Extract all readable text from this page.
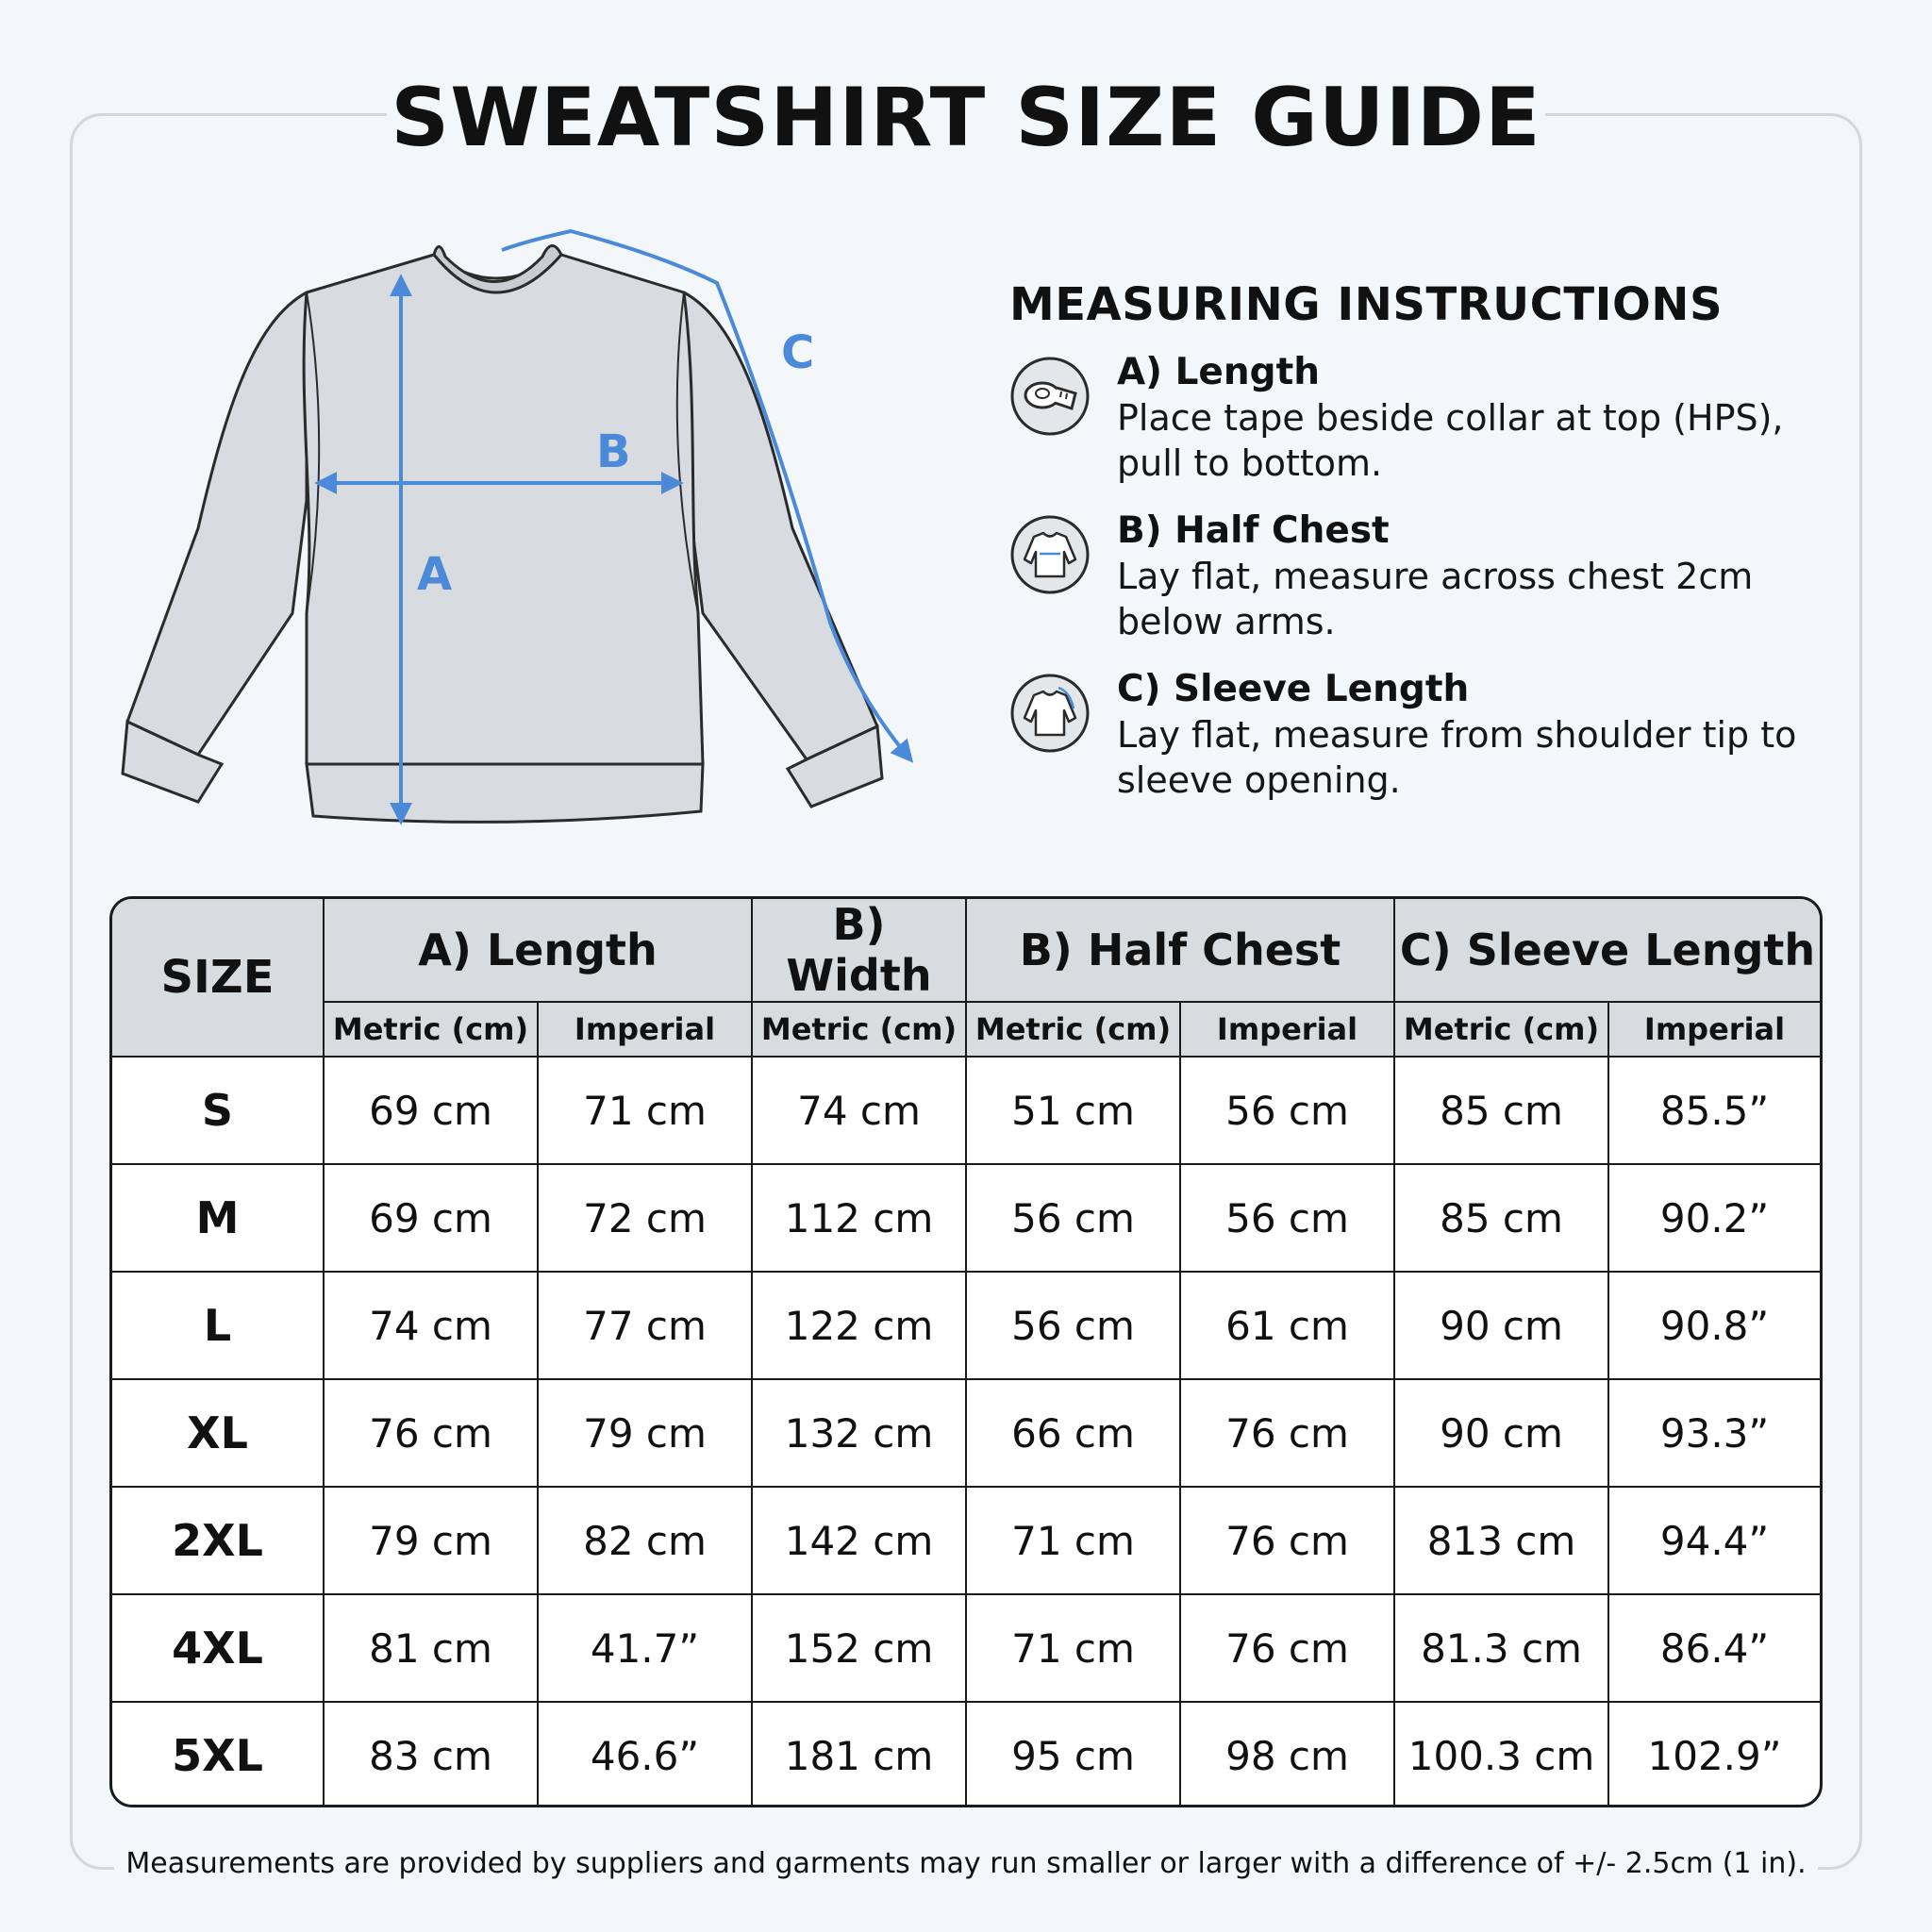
SWEATSHIRT SIZE GUIDE
A
B
C
MEASURING INSTRUCTIONS
A) Length
Place tape beside collar at top (HPS), pull to bottom.
B) Half Chest
Lay flat, measure across chest 2cm below arms.
C) Sleeve Length
Lay flat, measure from shoulder tip to sleeve opening.
SIZE	A) Length		B) Width	B) Half Chest		C) Sleeve Length	
	Metric (cm)	Imperial	Metric (cm)	Metric (cm)	Imperial	Metric (cm)	Imperial
S	69 cm	71 cm	74 cm	51 cm	56 cm	85 cm	85.5”
M	69 cm	72 cm	112 cm	56 cm	56 cm	85 cm	90.2”
L	74 cm	77 cm	122 cm	56 cm	61 cm	90 cm	90.8”
XL	76 cm	79 cm	132 cm	66 cm	76 cm	90 cm	93.3”
2XL	79 cm	82 cm	142 cm	71 cm	76 cm	813 cm	94.4”
4XL	81 cm	41.7”	152 cm	71 cm	76 cm	81.3 cm	86.4”
5XL	83 cm	46.6”	181 cm	95 cm	98 cm	100.3 cm	102.9”
Measurements are provided by suppliers and garments may run smaller or larger with a difference of +/- 2.5cm (1 in).
